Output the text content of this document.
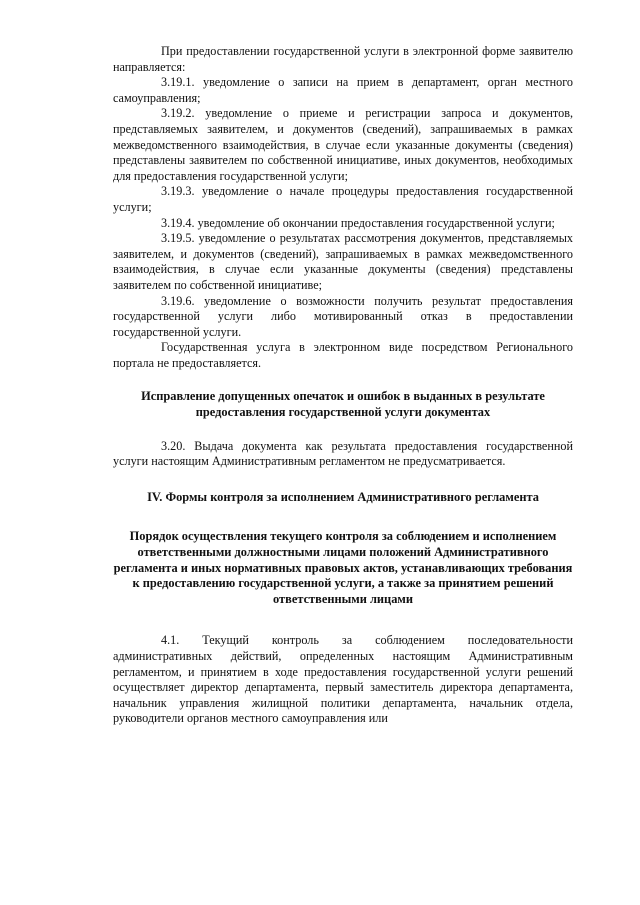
При предоставлении государственной услуги в электронной форме заявителю направляется:

3.19.1. уведомление о записи на прием в департамент, орган местного самоуправления;

3.19.2. уведомление о приеме и регистрации запроса и документов, представляемых заявителем, и документов (сведений), запрашиваемых в рамках межведомственного взаимодействия, в случае если указанные документы (сведения) представлены заявителем по собственной инициативе, иных документов, необходимых для предоставления государственной услуги;

3.19.3. уведомление о начале процедуры предоставления государственной услуги;

3.19.4. уведомление об окончании предоставления государственной услуги;

3.19.5. уведомление о результатах рассмотрения документов, представляемых заявителем, и документов (сведений), запрашиваемых в рамках межведомственного взаимодействия, в случае если указанные документы (сведения) представлены заявителем по собственной инициативе;

3.19.6. уведомление о возможности получить результат предоставления государственной услуги либо мотивированный отказ в предоставлении государственной услуги.

Государственная услуга в электронном виде посредством Регионального портала не предоставляется.

Исправление допущенных опечаток и ошибок в выданных в результате предоставления государственной услуги документах

3.20. Выдача документа как результата предоставления государственной услуги настоящим Административным регламентом не предусматривается.

IV. Формы контроля за исполнением Административного регламента

Порядок осуществления текущего контроля за соблюдением и исполнением ответственными должностными лицами положений Административного регламента и иных нормативных правовых актов, устанавливающих требования к предоставлению государственной услуги, а также за принятием решений ответственными лицами

4.1. Текущий контроль за соблюдением последовательности административных действий, определенных настоящим Административным регламентом, и принятием в ходе предоставления государственной услуги решений осуществляет директор департамента, первый заместитель директора департамента, начальник управления жилищной политики департамента, начальник отдела, руководители органов местного самоуправления или
